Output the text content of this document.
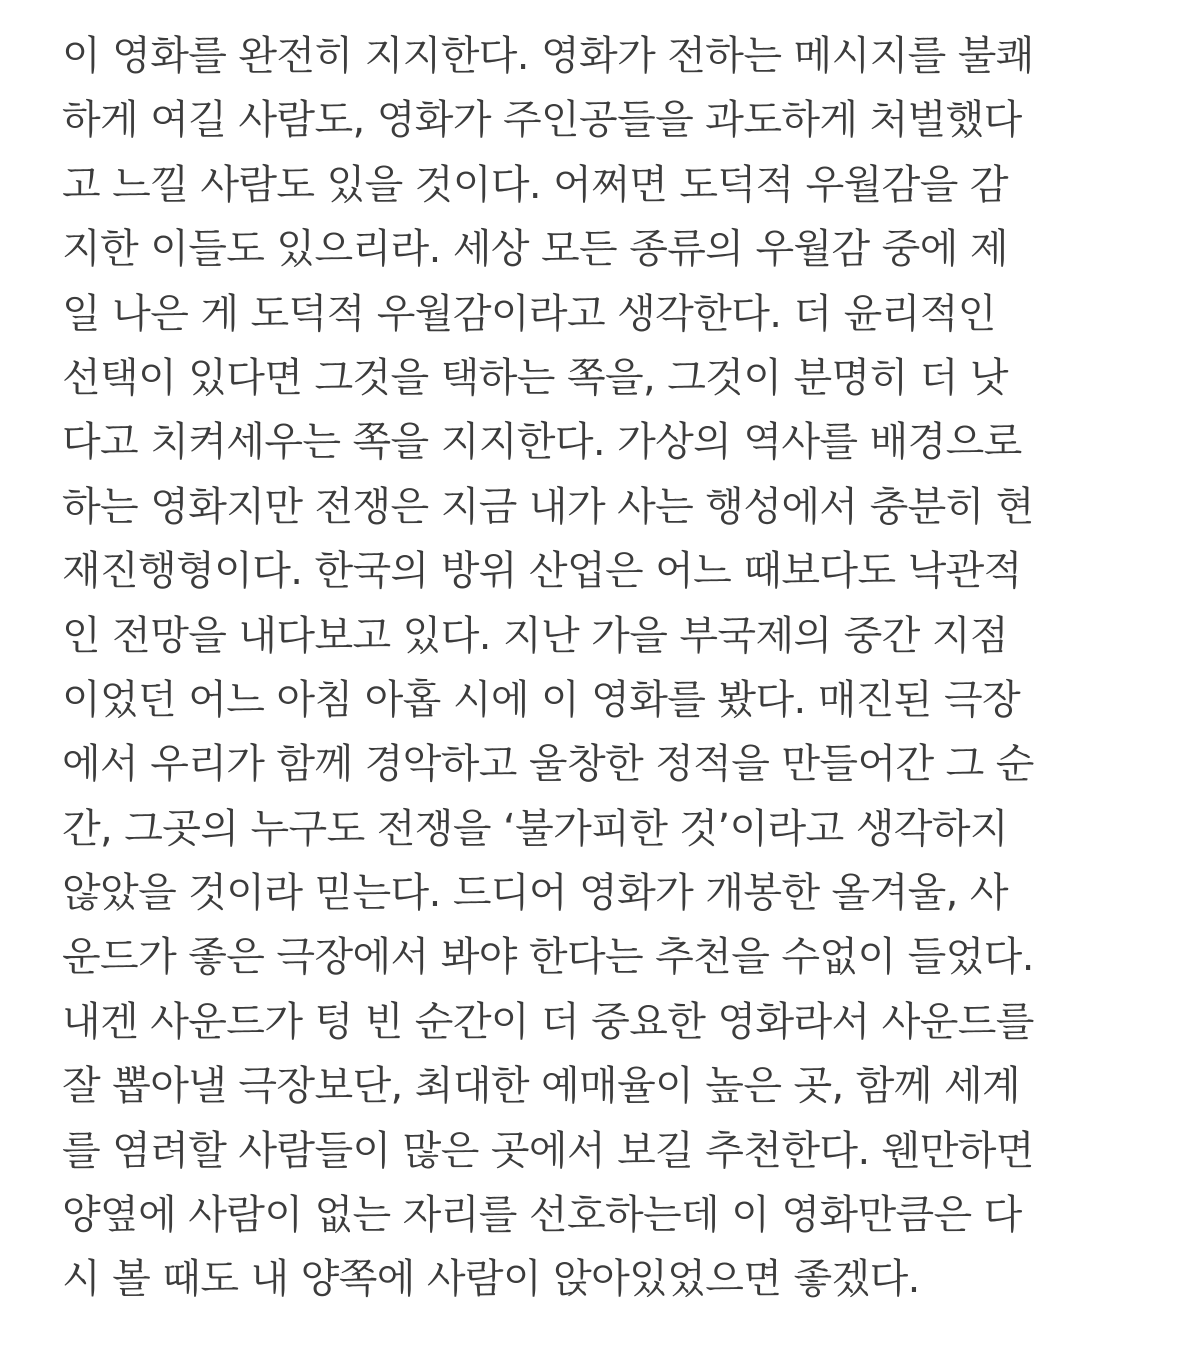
이 영화를 완전히 지지한다. 영화가 전하는 메시지를 불쾌
하게 여길 사람도, 영화가 주인공들을 과도하게 처벌했다
고 느낄 사람도 있을 것이다. 어쩌면 도덕적 우월감을 감
지한 이들도 있으리라. 세상 모든 종류의 우월감 중에 제
일 나은 게 도덕적 우월감이라고 생각한다. 더 윤리적인
선택이 있다면 그것을 택하는 쪽을, 그것이 분명히 더 낫
다고 치켜세우는 쪽을 지지한다. 가상의 역사를 배경으로
하는 영화지만 전쟁은 지금 내가 사는 행성에서 충분히 현
재진행형이다. 한국의 방위 산업은 어느 때보다도 낙관적
인 전망을 내다보고 있다. 지난 가을 부국제의 중간 지점
이었던 어느 아침 아홉 시에 이 영화를 봤다. 매진된 극장
에서 우리가 함께 경악하고 울창한 정적을 만들어간 그 순
간, 그곳의 누구도 전쟁을 ‘불가피한 것’이라고 생각하지
않았을 것이라 믿는다. 드디어 영화가 개봉한 올겨울, 사
운드가 좋은 극장에서 봐야 한다는 추천을 수없이 들었다.
내겐 사운드가 텅 빈 순간이 더 중요한 영화라서 사운드를
잘 뽑아낼 극장보단, 최대한 예매율이 높은 곳, 함께 세계
를 염려할 사람들이 많은 곳에서 보길 추천한다. 웬만하면
양옆에 사람이 없는 자리를 선호하는데 이 영화만큼은 다
시 볼 때도 내 양쪽에 사람이 앉아있었으면 좋겠다.
